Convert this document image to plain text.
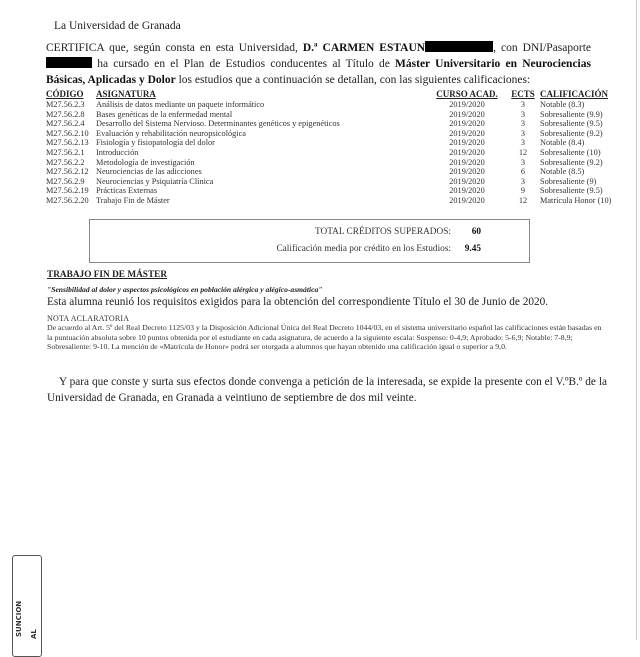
La Universidad de Granada
CERTIFICA que, según consta en esta Universidad, D.ª CARMEN ESTAUN	, con DNI/Pasaporte  ha cursado en el Plan de Estudios conducentes al Título de Máster Universitario en Neurociencias Básicas, Aplicadas y Dolor los estudios que a continuación se detallan, con las siguientes calificaciones:
CÓDIGO	ASIGNATURA	CURSO ACAD.	ECTS	CALIFICACIÓN
M27.56.2.3	Análisis de datos mediante un paquete informático	2019/2020	3	Notable (8.3)
M27.56.2.8	Bases genéticas de la enfermedad mental	2019/2020	3	Sobresaliente (9.9)
M27.56.2.4	Desarrollo del Sistema Nervioso. Determinantes genéticos y epigenéticos	2019/2020	3	Sobresaliente (9.5)
M27.56.2.10	Evaluación y rehabilitación neuropsicológica	2019/2020	3	Sobresaliente (9.2)
M27.56.2.13	Fisiología y fisiopatología del dolor	2019/2020	3	Notable (8.4)
M27.56.2.1	Introducción	2019/2020	12	Sobresaliente (10)
M27.56.2.2	Metodología de investigación	2019/2020	3	Sobresaliente (9.2)
M27.56.2.12	Neurociencias de las adicciones	2019/2020	6	Notable (8.5)
M27.56.2.9	Neurociencias y Psiquiatría Clínica	2019/2020	3	Sobresaliente (9)
M27.56.2.19	Prácticas Externas	2019/2020	9	Sobresaliente (9.5)
M27.56.2.20	Trabajo Fin de Máster	2019/2020	12	Matrícula Honor (10)
TOTAL CRÉDITOS SUPERADOS: 60
Calificación media por crédito en los Estudios: 9.45
TRABAJO FIN DE MÁSTER
"Sensibilidad al dolor y aspectos psicológicos en población alérgica y alégico-asmática"
Esta alumna reunió los requisitos exigidos para la obtención del correspondiente Título el 30 de Junio de 2020.
NOTA ACLARATORIA
De acuerdo al Art. 5º del Real Decreto 1125/03 y la Disposición Adicional Única del Real Decreto 1044/03, en el sistema universitario español las calificaciones están basadas en la puntuación absoluta sobre 10 puntos obtenida por el estudiante en cada asignatura, de acuerdo a la siguiente escala: Suspenso: 0-4,9; Aprobado: 5-6,9; Notable: 7-8,9; Sobresaliente: 9-10. La mención de «Matrícula de Honor» podrá ser otorgada a alumnos que hayan obtenido una calificación igual o superior a 9,0.
Y para que conste y surta sus efectos donde convenga a petición de la interesada, se expide la presente con el V.ºB.º de la Universidad de Granada, en Granada a veintiuno de septiembre de dos mil veinte.
SUNCION AL
